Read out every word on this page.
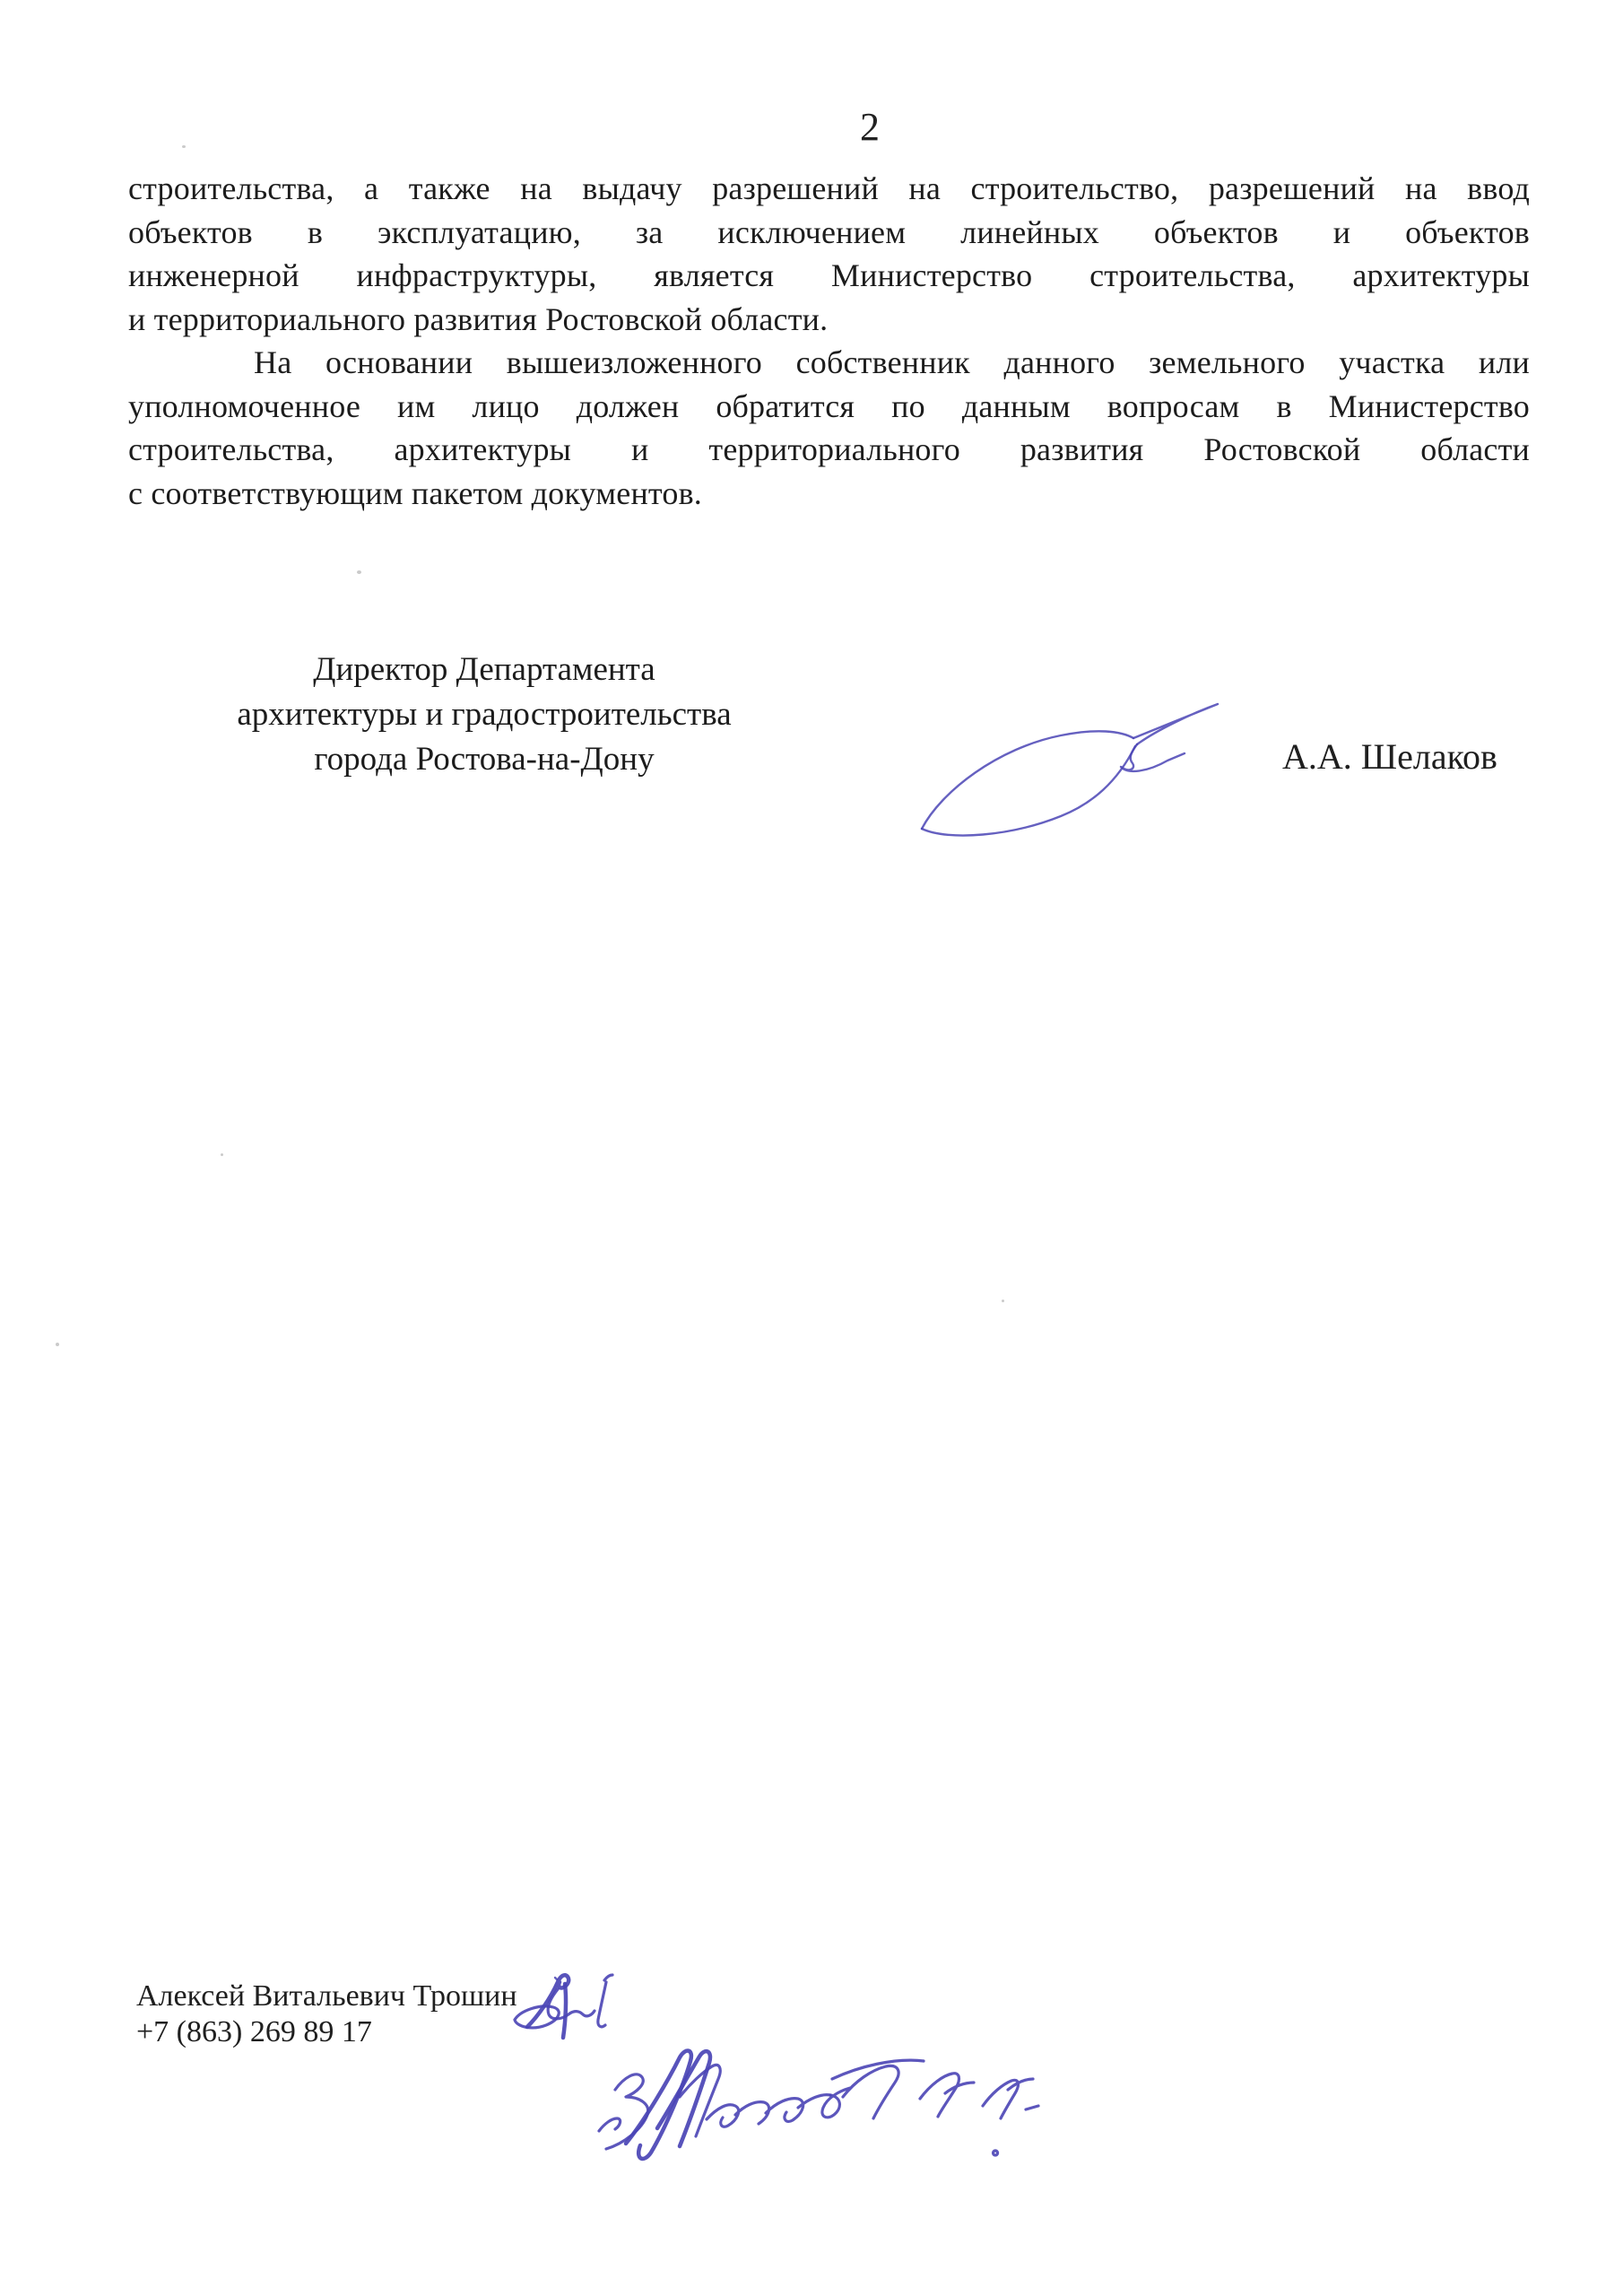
2
строительства, а также на выдачу разрешений на строительство, разрешений на ввод
объектов в эксплуатацию, за исключением линейных объектов и объектов
инженерной инфраструктуры, является Министерство строительства, архитектуры
и территориального развития Ростовской области.
На основании вышеизложенного собственник данного земельного участка или
уполномоченное им лицо должен обратится по данным вопросам в Министерство
строительства, архитектуры и территориального развития Ростовской области
с соответствующим пакетом документов.
Директор Департамента
архитектуры и градостроительства
города Ростова-на-Дону	А.А. Шелаков
Алексей Витальевич Трошин
+7 (863) 269 89 17
